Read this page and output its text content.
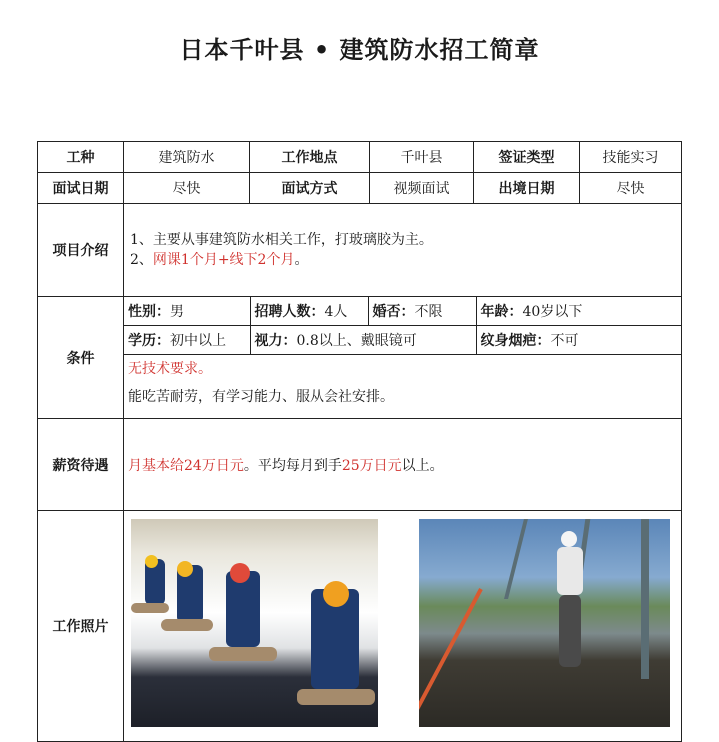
日本千叶县 • 建筑防水招工简章
工种	建筑防水	工作地点	千叶县	签证类型	技能实习
面试日期	尽快	面试方式	视频面试	出境日期	尽快
项目介绍	
1、主要从事建筑防水相关工作，打玻璃胶为主。
2、网课1个月+线下2个月。

条件	
性别：男	招聘人数：4人	婚否：不限	年龄：40岁以下
学历：初中以上	视力：0.8以上、戴眼镜可	纹身烟疤：不可
无技术要求。
能吃苦耐劳，有学习能力、服从会社安排。

薪资待遇	月基本给24万日元。平均每月到手25万日元以上。
工作照片	
